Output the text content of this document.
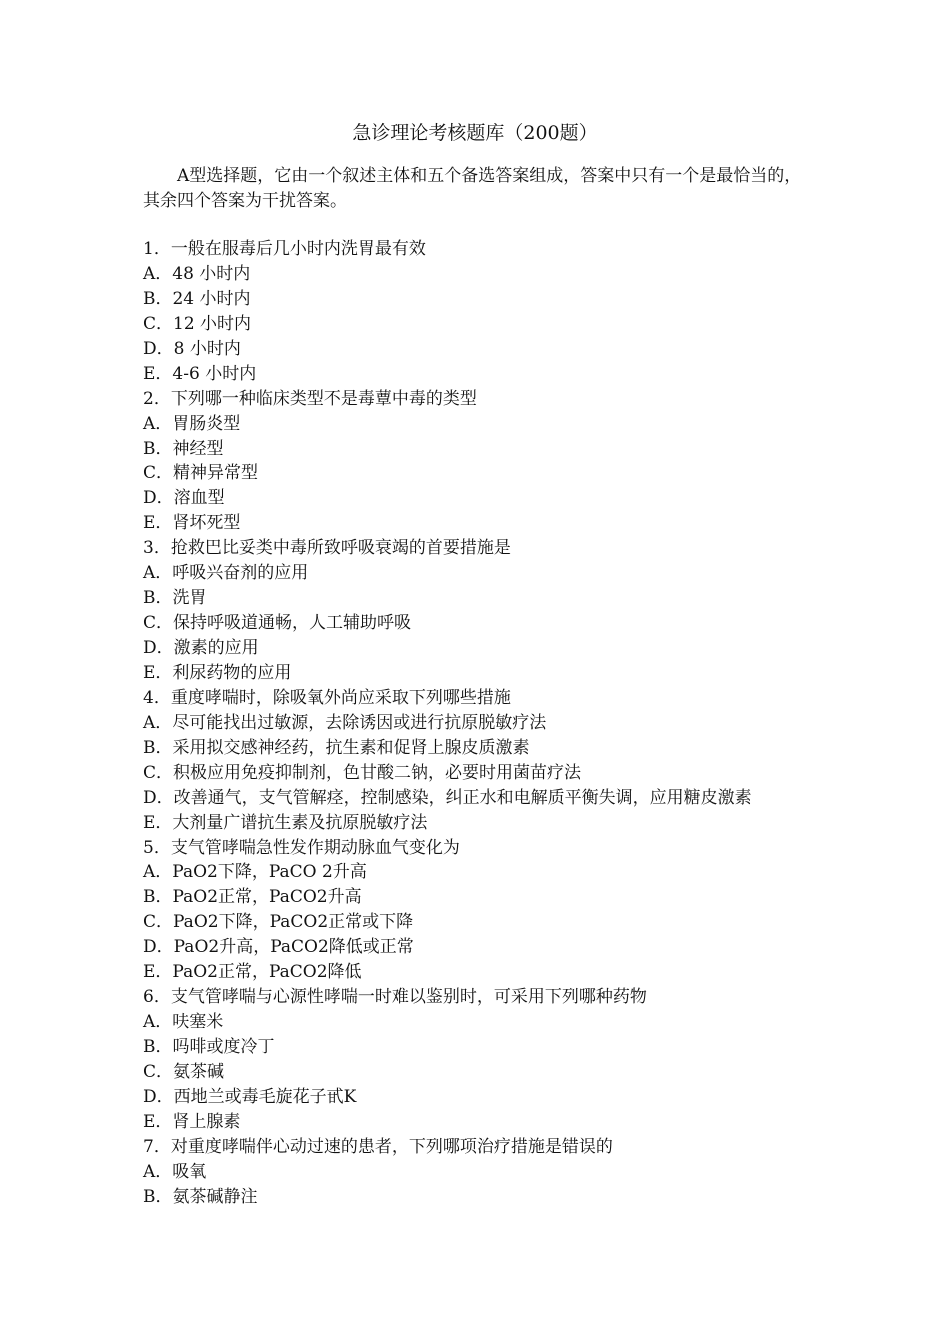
急诊理论考核题库（200题）
A型选择题，它由一个叙述主体和五个备选答案组成，答案中只有一个是最恰当的，其余四个答案为干扰答案。
1．一般在服毒后几小时内洗胃最有效
A．48 小时内
B．24 小时内
C．12 小时内
D．8 小时内
E．4-6 小时内
2．下列哪一种临床类型不是毒蕈中毒的类型
A．胃肠炎型
B．神经型
C．精神异常型
D．溶血型
E．肾坏死型
3．抢救巴比妥类中毒所致呼吸衰竭的首要措施是
A．呼吸兴奋剂的应用
B．洗胃
C．保持呼吸道通畅，人工辅助呼吸
D．激素的应用
E．利尿药物的应用
4．重度哮喘时，除吸氧外尚应采取下列哪些措施
A．尽可能找出过敏源，去除诱因或进行抗原脱敏疗法
B．采用拟交感神经药，抗生素和促肾上腺皮质激素
C．积极应用免疫抑制剂，色甘酸二钠，必要时用菌苗疗法
D．改善通气，支气管解痉，控制感染，纠正水和电解质平衡失调，应用糖皮激素
E．大剂量广谱抗生素及抗原脱敏疗法
5．支气管哮喘急性发作期动脉血气变化为
A．PaO2下降，PaCO 2升高
B．PaO2正常，PaCO2升高
C．PaO2下降，PaCO2正常或下降
D．PaO2升高，PaCO2降低或正常
E．PaO2正常，PaCO2降低
6．支气管哮喘与心源性哮喘一时难以鉴别时，可采用下列哪种药物
A．呋塞米
B．吗啡或度冷丁
C．氨茶碱
D．西地兰或毒毛旋花子甙K
E．肾上腺素
7．对重度哮喘伴心动过速的患者，下列哪项治疗措施是错误的
A．吸氧
B．氨茶碱静注
